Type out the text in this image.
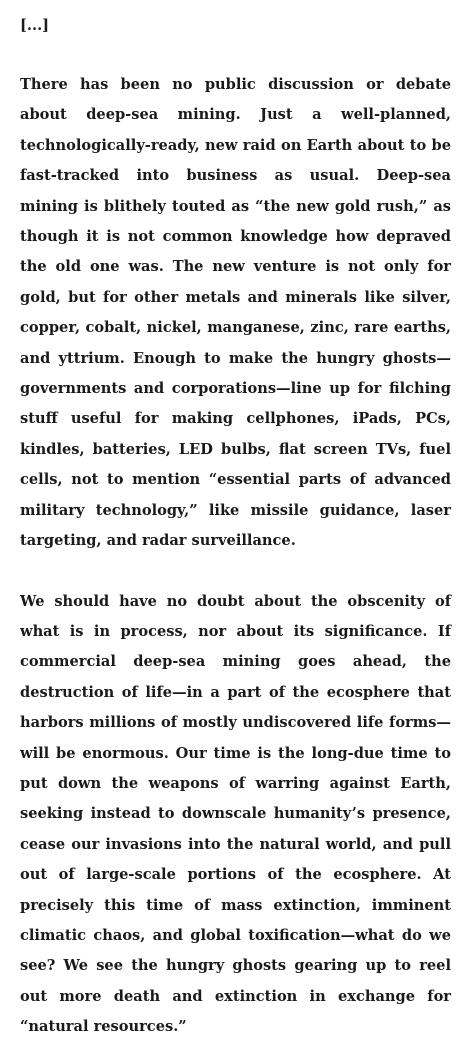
[...]

There has been no public discussion or debate about deep-sea mining. Just a well-planned, technologically-ready, new raid on Earth about to be fast-tracked into business as usual. Deep-sea mining is blithely touted as “the new gold rush,” as though it is not common knowledge how depraved the old one was. The new venture is not only for gold, but for other metals and minerals like silver, copper, cobalt, nickel, manganese, zinc, rare earths, and yttrium. Enough to make the hungry ghosts—governments and corporations—line up for filching stuff useful for making cellphones, iPads, PCs, kindles, batteries, LED bulbs, flat screen TVs, fuel cells, not to mention “essential parts of advanced military technology,” like missile guidance, laser targeting, and radar surveillance.

We should have no doubt about the obscenity of what is in process, nor about its significance. If commercial deep-sea mining goes ahead, the destruction of life—in a part of the ecosphere that harbors millions of mostly undiscovered life forms—will be enormous. Our time is the long-due time to put down the weapons of warring against Earth, seeking instead to downscale humanity’s presence, cease our invasions into the natural world, and pull out of large-scale portions of the ecosphere. At precisely this time of mass extinction, imminent climatic chaos, and global toxification—what do we see? We see the hungry ghosts gearing up to reel out more death and extinction in exchange for “natural resources.”
